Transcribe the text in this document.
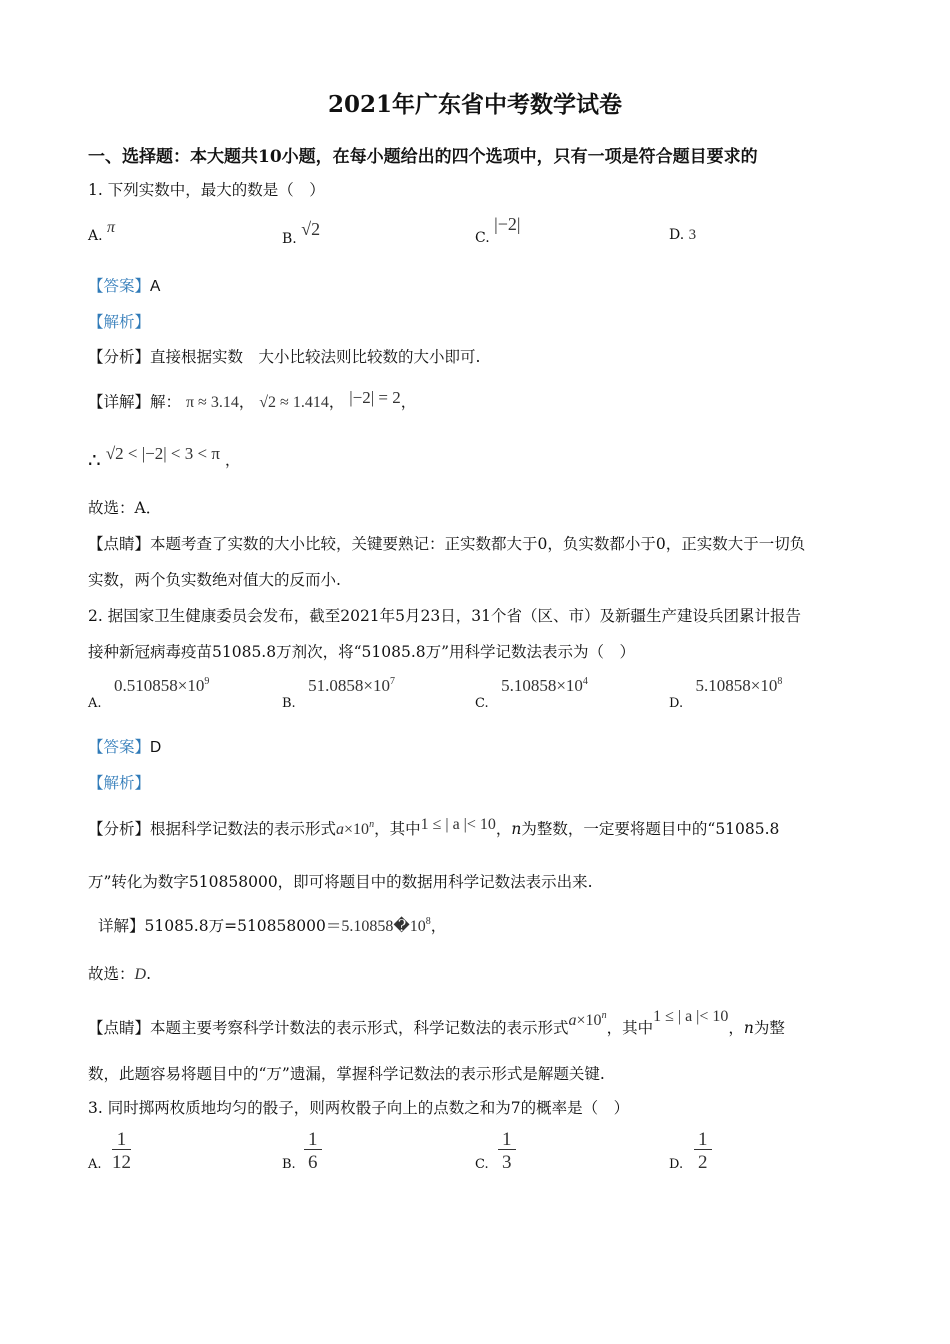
2021年广东省中考数学试卷
一、选择题：本大题共10小题，在每小题给出的四个选项中，只有一项是符合题目要求的
1. 下列实数中，最大的数是（　）
A. π
B. √2	C. |−2|
D. 3
【答案】A
【解析】
【分析】直接根据实数　大小比较法则比较数的大小即可.
【详解】解： π ≈ 3.14， √2 ≈ 1.414， |−2| = 2，
∴ √2 < |−2| < 3 < π ，
故选：A．
【点睛】本题考查了实数的大小比较，关键要熟记：正实数都大于0，负实数都小于0，正实数大于一切负
实数，两个负实数绝对值大的反而小.
2. 据国家卫生健康委员会发布，截至2021年5月23日，31个省（区、市）及新疆生产建设兵团累计报告
接种新冠病毒疫苗51085.8万剂次，将“51085.8万”用科学记数法表示为（　）
A. $0.510858\times 10^9$
B. $51.0858\times 10^7$
C. $5.10858\times 10^4$
D. $5.10858\times 10^8$
【答案】D
【解析】
【分析】根据科学记数法的表示形式$a\times 10^n$，其中1 ≤ | a |< 10，n为整数，一定要将题目中的“51085.8
万”转化为数字510858000，即可将题目中的数据用科学记数法表示出来.
详解】51085.8万$=510858000=5.10858�10^8$，
故选：D.
【点睛】本题主要考察科学计数法的表示形式，科学记数法的表示形式$a\times 10^n$，其中1 ≤ | a |< 10，n为整
数，此题容易将题目中的“万”遗漏，掌握科学记数法的表示形式是解题关键.
3. 同时掷两枚质地均匀的骰子，则两枚骰子向上的点数之和为7的概率是（　）
A. $\frac{1}{12}$	B. $\frac{1}{6}$	C. $\frac{1}{3}$	D. $\frac{1}{2}$
